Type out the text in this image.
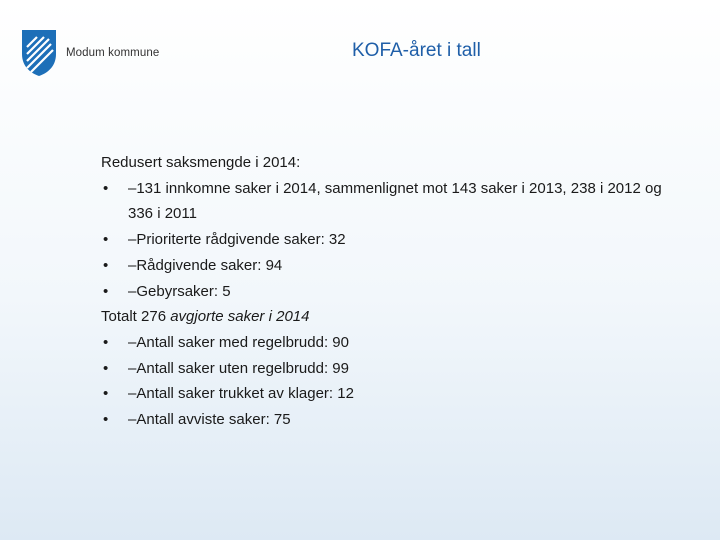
Modum kommune	KOFA-året i tall

Redusert saksmengde i 2014:

•	–131 innkomne saker i 2014, sammenlignet mot 143 saker i 2013, 238 i 2012 og 336 i 2011
•	–Prioriterte rådgivende saker: 32
•	–Rådgivende saker: 94
•	–Gebyrsaker: 5

Totalt 276 avgjorte saker i 2014

•	–Antall saker med regelbrudd: 90
•	–Antall saker uten regelbrudd: 99
•	–Antall saker trukket av klager: 12
•	–Antall avviste saker: 75
